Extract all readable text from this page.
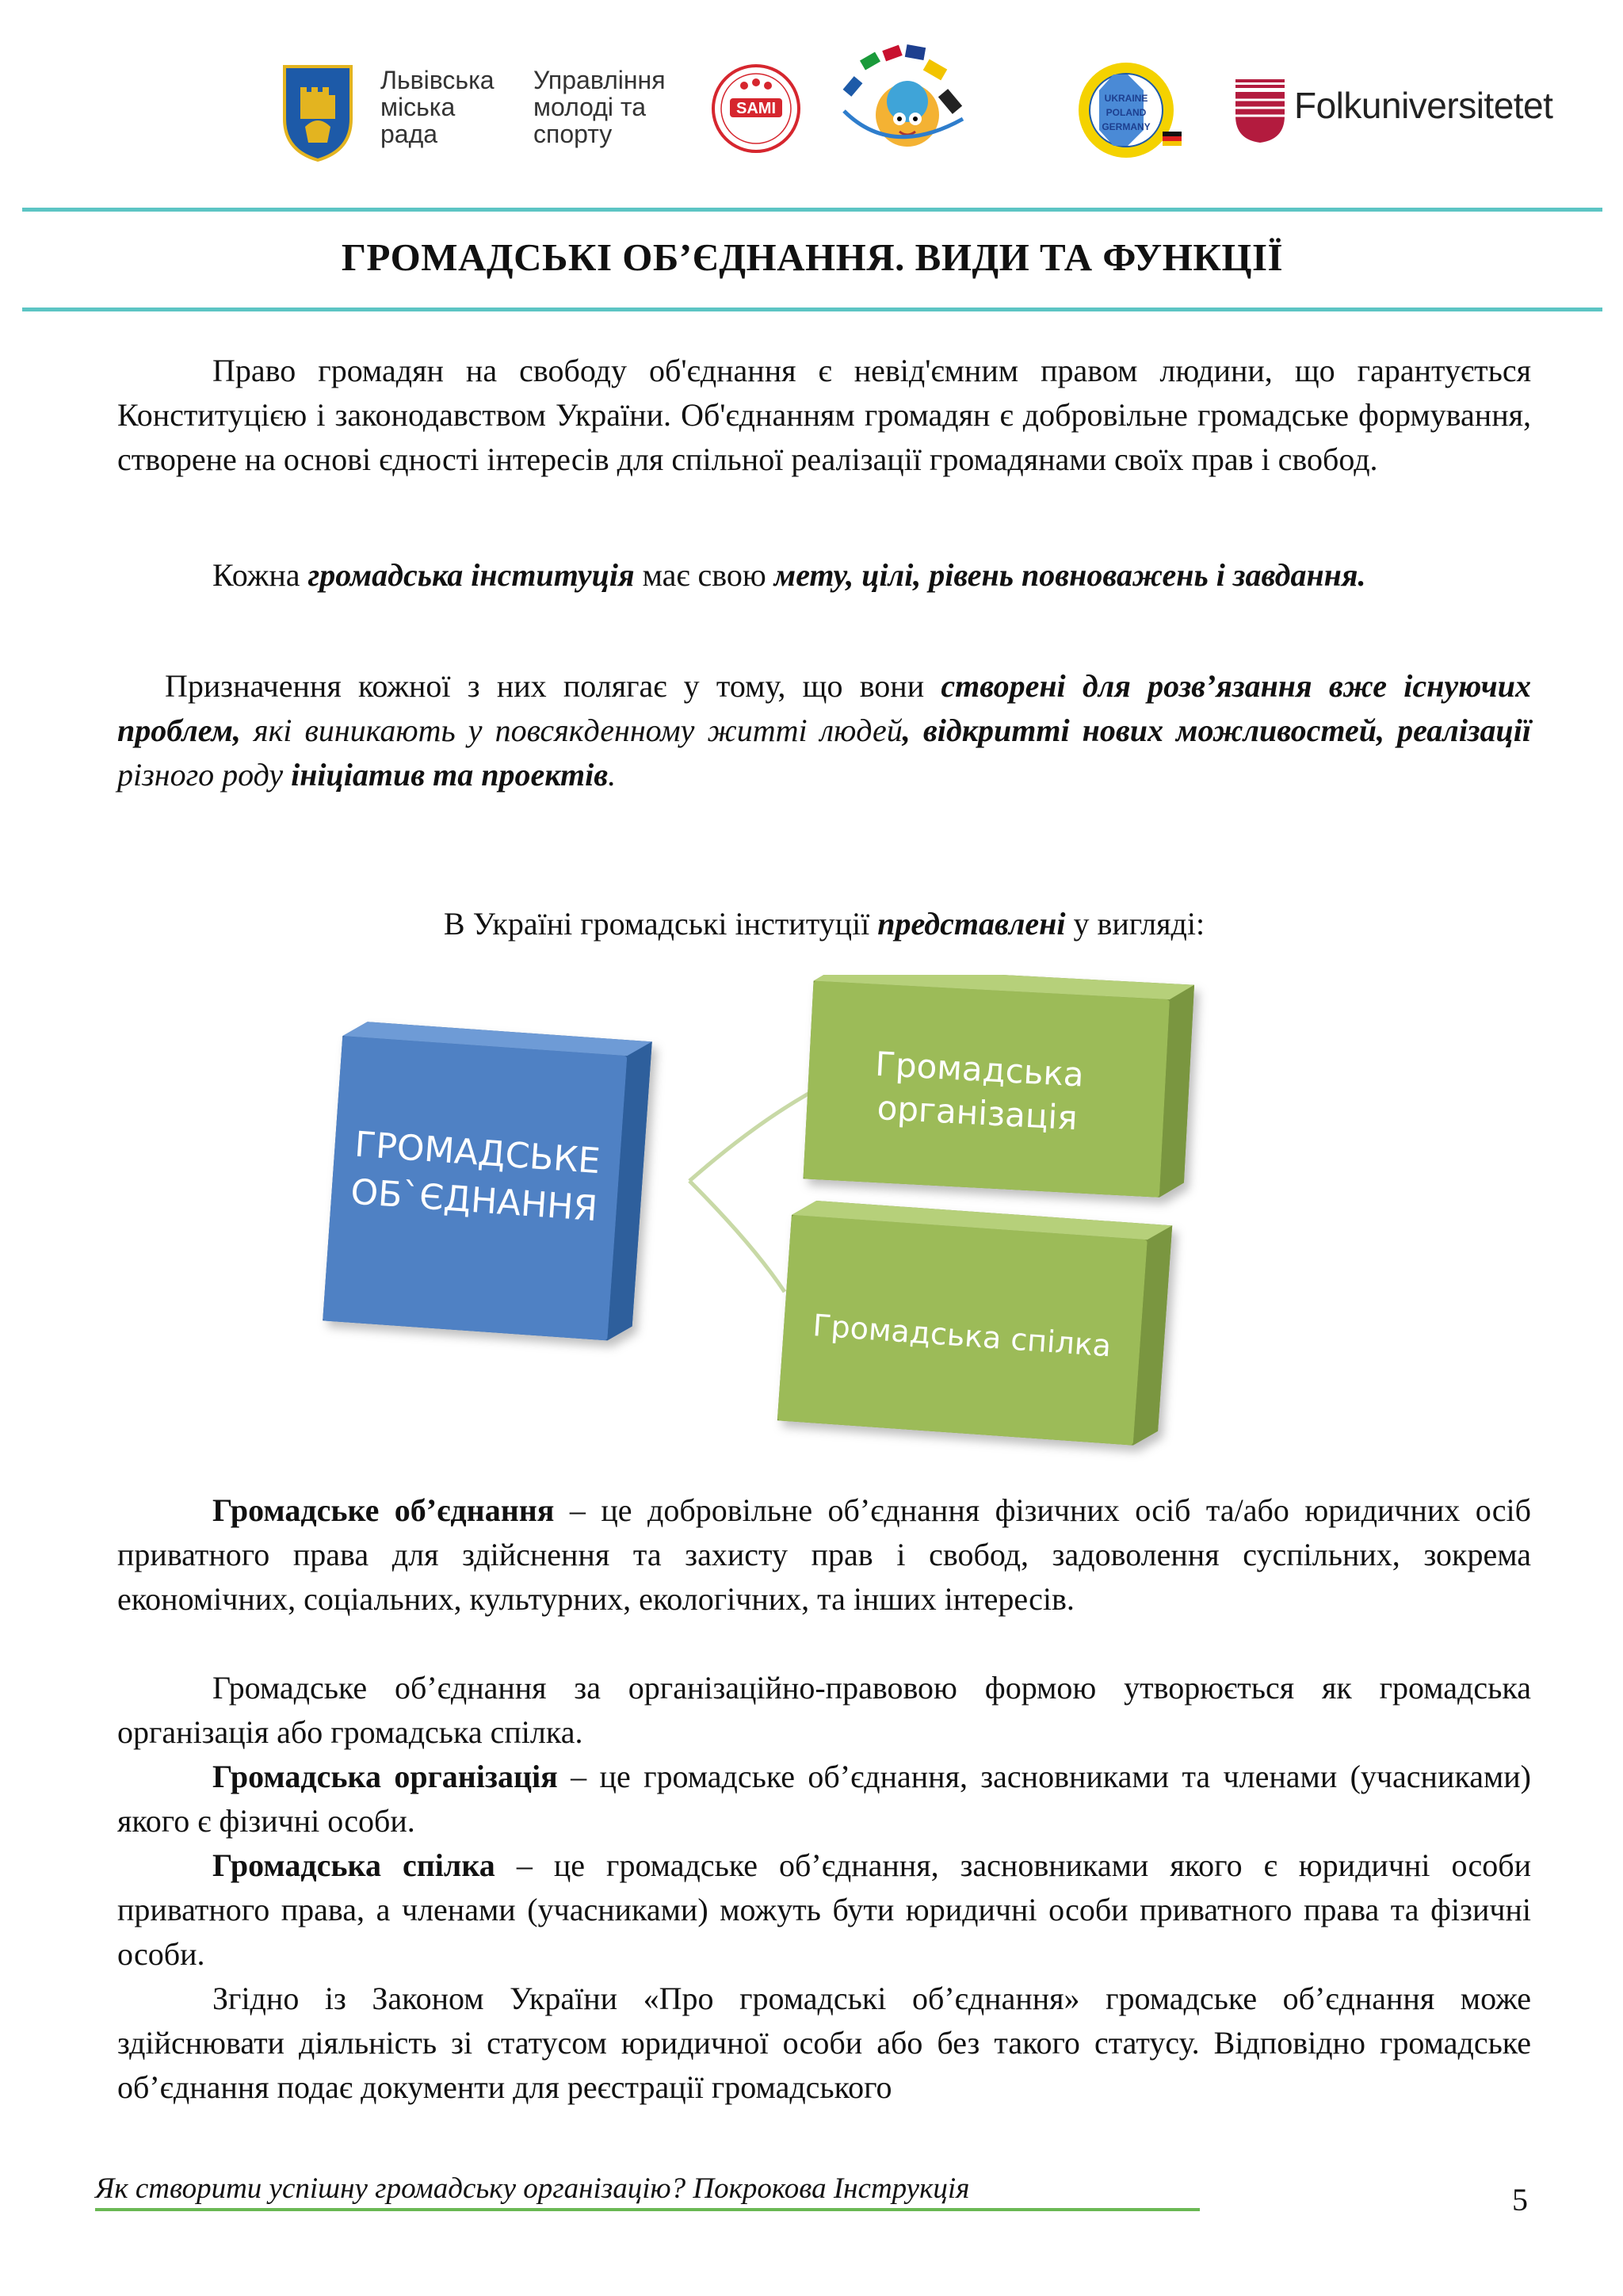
Львівська
міська
рада
Управління
молоді та
спорту
SAMI
UKRAINE
POLAND
GERMANY
Folkuniversitetet
ГРОМАДСЬКІ ОБ’ЄДНАННЯ. ВИДИ ТА ФУНКЦІЇ
Право громадян на свободу об'єднання є невід'ємним правом людини, що гарантується Конституцією і законодавством України. Об'єднанням громадян є добровільне громадське формування, створене на основі єдності інтересів для спільної реалізації громадянами своїх прав і свобод.
Кожна громадська інституція має свою мету, цілі, рівень повноважень і завдання.
Призначення кожної з них полягає у тому, що вони створені для розв’язання вже існуючих проблем, які виникають у повсякденному житті людей, відкритті нових можливостей, реалізації різного роду ініціатив та проектів.
В Україні громадські інституції представлені у вигляді:
ГРОМАДСЬКЕ
ОБ`ЄДНАННЯ
Громадська
організація
Громадська спілка
Громадське об’єднання – це добровільне об’єднання фізичних осіб та/або юридичних осіб приватного права для здійснення та захисту прав і свобод, задоволення суспільних, зокрема економічних, соціальних, культурних, екологічних, та інших інтересів.
Громадське об’єднання за організаційно-правовою формою утворюється як громадська організація або громадська спілка.
Громадська організація – це громадське об’єднання, засновниками та членами (учасниками) якого є фізичні особи.
Громадська спілка – це громадське об’єднання, засновниками якого є юридичні особи приватного права, а членами (учасниками) можуть бути юридичні особи приватного права та фізичні особи.
Згідно із Законом України «Про громадські об’єднання» громадське об’єднання може здійснювати діяльність зі статусом юридичної особи або без такого статусу. Відповідно громадське об’єднання подає документи для реєстрації громадського
Як створити успішну громадську організацію? Покрокова Інструкція	5
